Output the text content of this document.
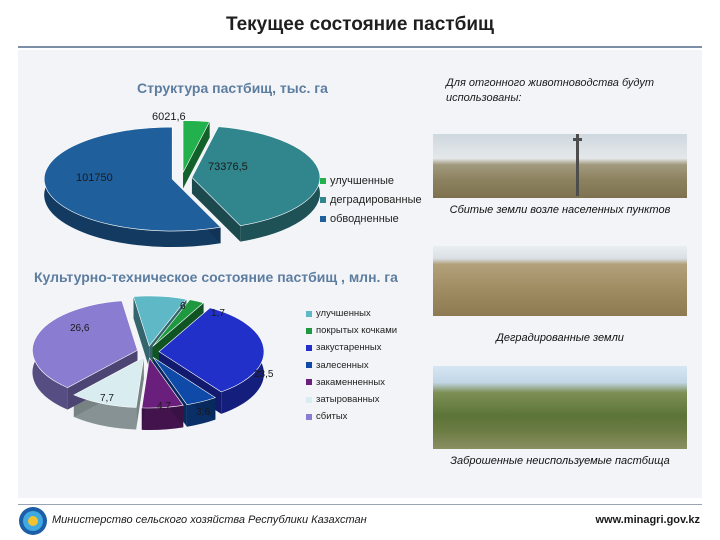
Текущее состояние пастбищ
Структура пастбищ, тыс. га
Культурно-техническое состояние пастбищ , млн. га
6021,6
73376,5
101750
6
1,7
23,5
3,6
4,7
7,7
26,6
улучшенные
деградированные
обводненные
улучшенных
покрытых кочками
закустаренных
залесенных
закаменненных
затырованных
сбитых
Для отгонного животноводства будут использованы:
Сбитые земли возле населенных пунктов
Деградированные земли
Заброшенные неиспользуемые пастбища
Министерство сельского хозяйства Республики Казахстан	www.minagri.gov.kz
